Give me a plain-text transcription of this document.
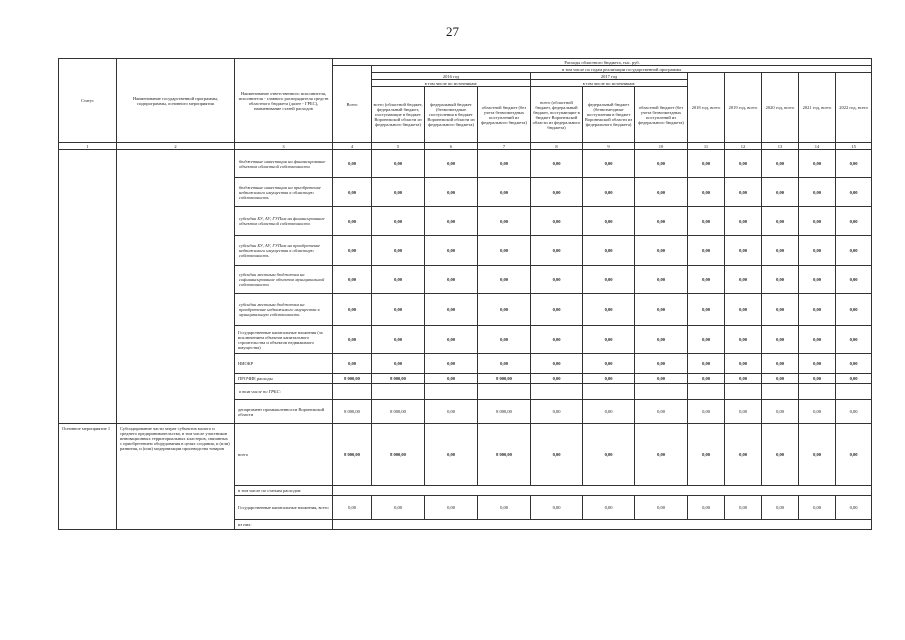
27
Статус	Наименование государственной программы, подпрограммы, основного мероприятия	Наименование ответственного исполнителя, исполнителя - главного распорядителя средств областного бюджета (далее - ГРБС), наименование статей расходов	Расходы областного бюджета, тыс. руб.											
			Всего	в том числе по годам реализации государственной программы										
				2016 год			2017 год			2018 год, всего	2019 год, всего	2020 год, всего	2021 год, всего	2022 год, всего
				в том числе по источникам:			в том числе по источникам:							
				всего (областной бюджет, федеральный бюджет, поступающие в бюджет Воронежской области из федерального бюджета)	федеральный бюджет (безвозмездные поступления в бюджет Воронежской области из федерального бюджета)	областной бюджет (без учета безвозмездных поступлений из федерального бюджета)	всего (областной бюджет, федеральный бюджет, поступающие в бюджет Воронежской области из федерального бюджета)	федеральный бюджет (безвозмездные поступления в бюджет Воронежской области из федерального бюджета)	областной бюджет (без учета безвозмездных поступлений из федерального бюджета)					
1	2	3	4	5	6	7	8	9	10	11	12	13	14	15
		бюджетные инвестиции на финансирование объектов областной собственности	0,00	0,00	0,00	0,00	0,00	0,00	0,00	0,00	0,00	0,00	0,00	0,00
		бюджетные инвестиции на приобретение недвижимого имущества в областную собственность	0,00	0,00	0,00	0,00	0,00	0,00	0,00	0,00	0,00	0,00	0,00	0,00
		субсидии БУ, АУ, ГУПам на финансирование объектов областной собственности	0,00	0,00	0,00	0,00	0,00	0,00	0,00	0,00	0,00	0,00	0,00	0,00
		субсидии БУ, АУ, ГУПам на приобретение недвижимого имущества в областную собственность	0,00	0,00	0,00	0,00	0,00	0,00	0,00	0,00	0,00	0,00	0,00	0,00
		субсидии местным бюджетам на софинансирование объектов муниципальной собственности	0,00	0,00	0,00	0,00	0,00	0,00	0,00	0,00	0,00	0,00	0,00	0,00
		субсидии местным бюджетам на приобретение недвижимого имущества в муниципальную собственность	0,00	0,00	0,00	0,00	0,00	0,00	0,00	0,00	0,00	0,00	0,00	0,00
		Государственные капитальные вложения (за исключением объектов капитального строительства и объектов недвижимого имущества)	0,00	0,00	0,00	0,00	0,00	0,00	0,00	0,00	0,00	0,00	0,00	0,00
		НИОКР	0,00	0,00	0,00	0,00	0,00	0,00	0,00	0,00	0,00	0,00	0,00	0,00
		ПРОЧИЕ расходы	8 000,00	8 000,00	0,00	8 000,00	0,00	0,00	0,00	0,00	0,00	0,00	0,00	0,00
		в том числе по ГРБС:												
		департамент промышленности Воронежской области	8 000,00	8 000,00	0,00	8 000,00	0,00	0,00	0,00	0,00	0,00	0,00	0,00	0,00
Основное мероприятие 1	Субсидирование части затрат субъектов малого и среднего предпринимательства, в том числе участников инновационных территориальных кластеров, связанных с приобретением оборудования в целях создания, и (или) развития, и (или) модернизации производства товаров	всего	8 000,00	8 000,00	0,00	8 000,00	0,00	0,00	0,00	0,00	0,00	0,00	0,00	0,00
		в том числе по статьям расходов:												
		Государственные капитальные вложения, всего	0,00	0,00	0,00	0,00	0,00	0,00	0,00	0,00	0,00	0,00	0,00	0,00
		из них:												
